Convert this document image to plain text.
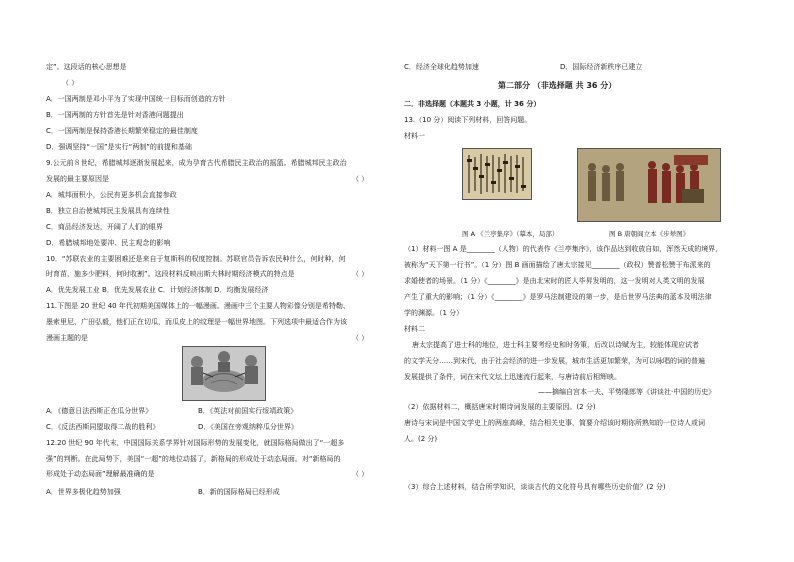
定”。这段话的核心思想是
（ ）
A．一国两制是邓小平为了实现中国统一目标而创造的方针
B．一国两制的方针首先是针对香港问题提出
C．一国两制是保持香港长期繁荣稳定的最佳制度
D．强调坚持“一国”是实行“两制”的前提和基础
9.公元前８世纪，希腊城邦逐渐发展起来，成为孕育古代希腊民主政治的摇篮。希腊城邦民主政治
发展的最主要原因是	（ ）
A．城邦面积小，公民有更多机会直接参政
B．独立自治使城邦民主发展具有连续性
C．商品经济发达，开阔了人们的眼界
D．希腊城邦地处要冲、民主观念的影响
10．“苏联农业的主要困难还是来自于复斯科的权度控制。苏联官员告诉农民种什么，何时种，何
时育苗，施多少肥料，何时收割”。这段材料反映出斯大林时期经济模式的特点是	（ ）
A．优先发展工业 B．优先发展农业 C．计划经济体制 D．均衡发展经济
11.下图是 20 世纪 40 年代初期美国媒体上的一幅漫画。漫画中三个主要人物彩像分别是希特勒、
墨索里尼、广田弘毅，他们正在切瓜，而瓜皮上的纹理是一幅世界地图。下列选项中最适合作为该
漫画主题的是	（ ）
A．《德意日法西斯正在瓜分世界》	B．《英法对前国实行绥靖政策》
C．《反法西斯同盟取得二战的胜利》	D．《美国在旁观纳粹瓜分世界》
12.20 世纪 90 年代末，中国国际关系学界针对国际形势的发展变化，就国际格局做出了“一超多
强”的判断。在此局势下，美国“一超”的地位动摇了，新格局的形成处于动态局面。对“新格局的
形成处于动态局面”理解最准确的是	（ ）
A．世界多极化趋势加强	B．新的国际格局已经形成
C．经济全球化趋势加速	D．国际经济新秩序已建立
第二部分 （非选择题 共 36 分）
二．非选择题（本题共 3 小题，计 36 分）
13.（10 分）阅读下列材料，回答问题。
材料一
图 A 《兰亭集序》（摹本，局部）	图 B 唐朝阎立本《步辇图》
（1）材料一图 A 是________（人物）的代表作《兰亭集序》，该作品达到收放自如，浑然天成的境界，
被称为“天下第一行书”。（1 分）图 B 画面描绘了唐太宗接见________（政权）赞普松赞干布派来的
求婚使者的场景。（1 分）《________》是由北宋时的匠人毕昇发明的，这一发明对人类文明的发展
产生了重大的影响；（1 分）《________》是罗马法制建设的第一步，是后世罗马法典的蓝本及明法律
学的渊源。（1 分）
材料二
唐太宗提高了进士科的地位，进士科主要考经史和时务策，后改以诗赋为主，较能体现应试者
的文学天分……到宋代，由于社会经济的进一步发展，城市生活更加繁荣，为可以咏唱的词的普遍
发展提供了条件，词在宋代文坛上迅速流行起来，与唐诗前后相辉映。
——摘编自宫本一夫、平势隆郎等《讲谈社·中国的历史》
（2）依据材料二，概括唐宋时期诗词发展的主要原因。(2 分)
唐诗与宋词是中国文学史上的两座高峰，结合相关史事，简要介绍该时期你所熟知的一位诗人或词
人。(2 分)
（3）综合上述材料，结合所学知识，谈谈古代的文化符号具有哪些历史价值？(2 分)
